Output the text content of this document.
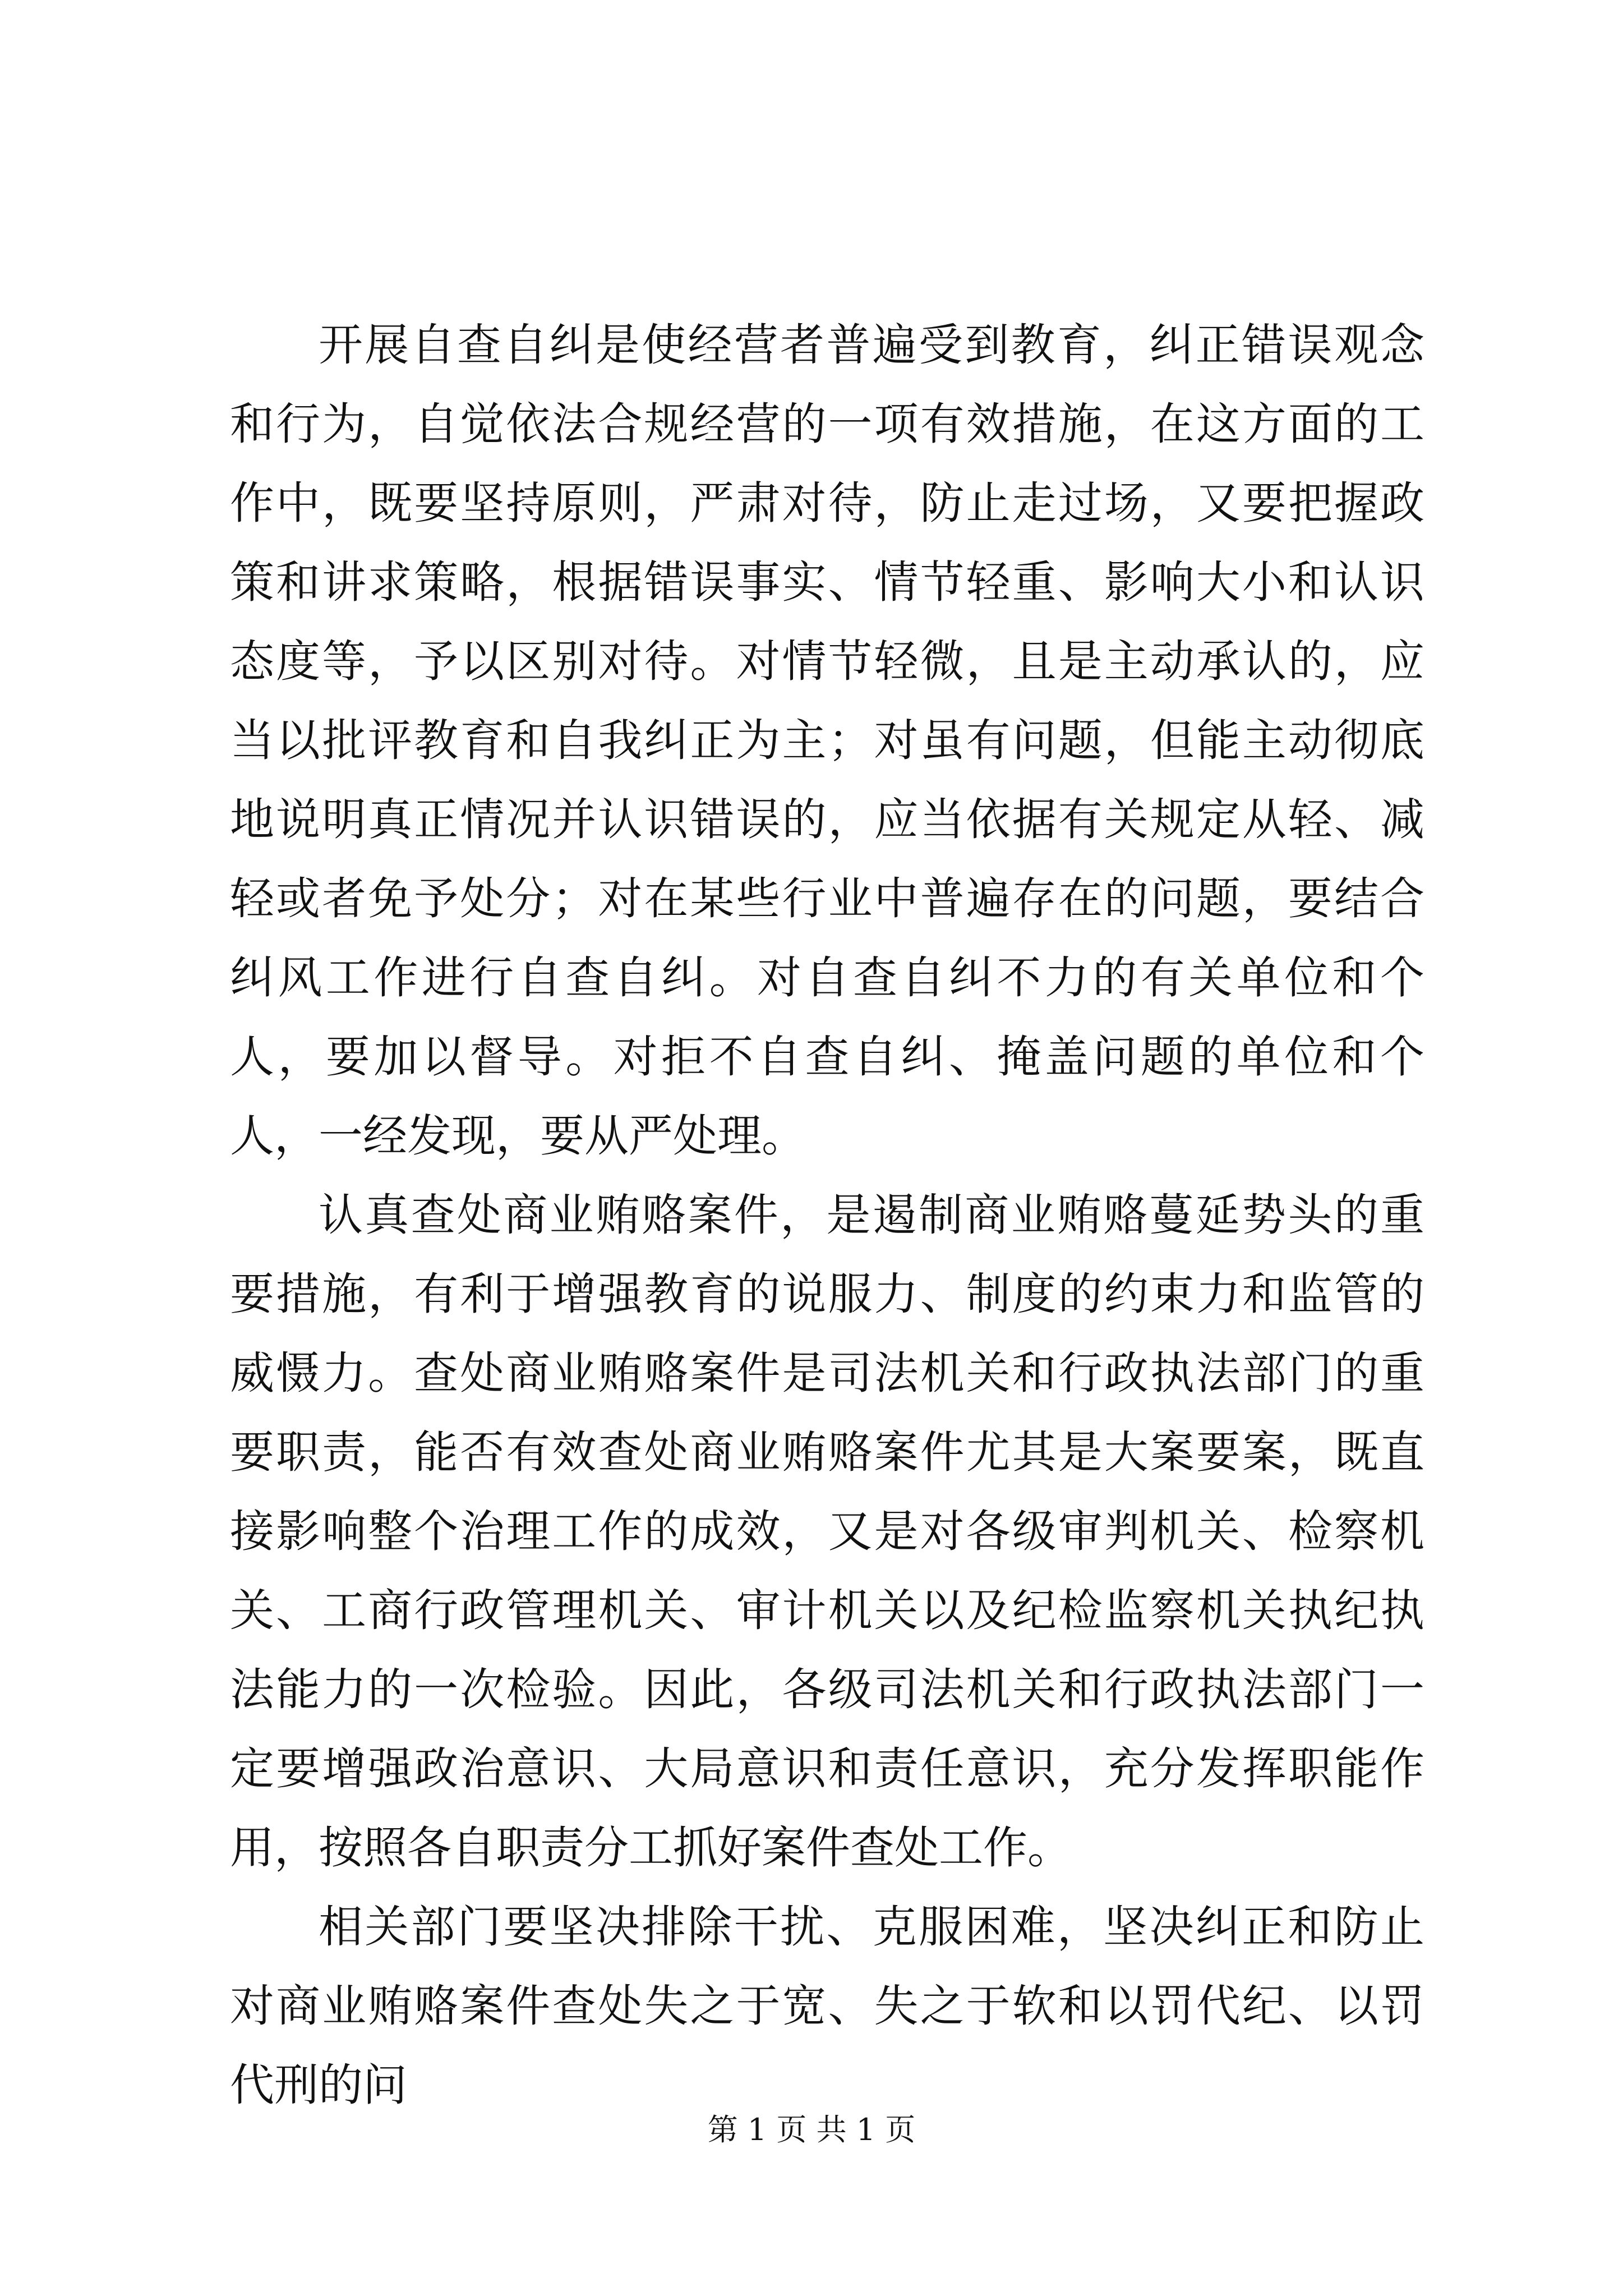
开展自查自纠是使经营者普遍受到教育，纠正错误观念和行为，自觉依法合规经营的一项有效措施，在这方面的工作中，既要坚持原则，严肃对待，防止走过场，又要把握政策和讲求策略，根据错误事实、情节轻重、影响大小和认识态度等，予以区别对待。对情节轻微，且是主动承认的，应当以批评教育和自我纠正为主；对虽有问题，但能主动彻底地说明真正情况并认识错误的，应当依据有关规定从轻、减轻或者免予处分；对在某些行业中普遍存在的问题，要结合纠风工作进行自查自纠。对自查自纠不力的有关单位和个人，要加以督导。对拒不自查自纠、掩盖问题的单位和个人，一经发现，要从严处理。

认真查处商业贿赂案件，是遏制商业贿赂蔓延势头的重要措施，有利于增强教育的说服力、制度的约束力和监管的威慑力。查处商业贿赂案件是司法机关和行政执法部门的重要职责，能否有效查处商业贿赂案件尤其是大案要案，既直接影响整个治理工作的成效，又是对各级审判机关、检察机关、工商行政管理机关、审计机关以及纪检监察机关执纪执法能力的一次检验。因此，各级司法机关和行政执法部门一定要增强政治意识、大局意识和责任意识，充分发挥职能作用，按照各自职责分工抓好案件查处工作。

相关部门要坚决排除干扰、克服困难，坚决纠正和防止对商业贿赂案件查处失之于宽、失之于软和以罚代纪、以罚代刑的问

第 1 页 共 1 页
